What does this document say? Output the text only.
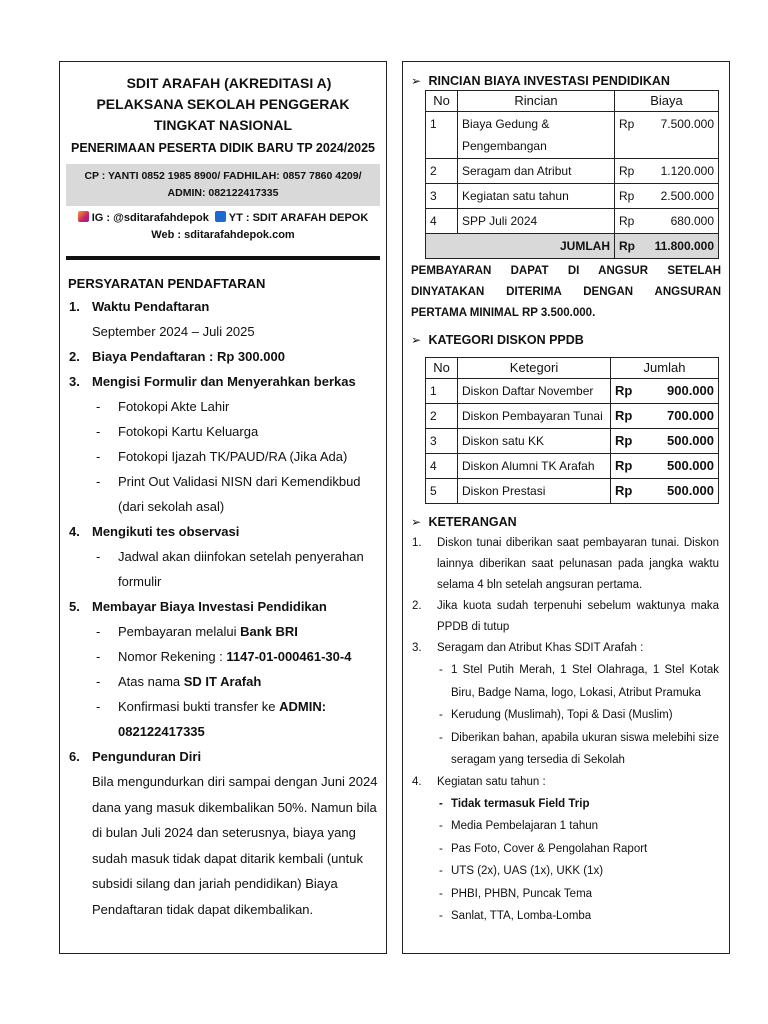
SDIT ARAFAH (AKREDITASI A)
PELAKSANA SEKOLAH PENGGERAK
TINGKAT NASIONAL
PENERIMAAN PESERTA DIDIK BARU TP 2024/2025
CP : YANTI 0852 1985 8900/ FADHILAH: 0857 7860 4209/
ADMIN: 082122417335
IG : @sditarafahdepok YT : SDIT ARAFAH DEPOK
Web : sditarafahdepok.com
PERSYARATAN PENDAFTARAN
1. Waktu Pendaftaran
September 2024 – Juli 2025
2. Biaya Pendaftaran : Rp 300.000
3. Mengisi Formulir dan Menyerahkan berkas
- Fotokopi Akte Lahir
- Fotokopi Kartu Keluarga
- Fotokopi Ijazah TK/PAUD/RA (Jika Ada)
- Print Out Validasi NISN dari Kemendikbud (dari sekolah asal)
4. Mengikuti tes observasi
- Jadwal akan diinfokan setelah penyerahan formulir
5. Membayar Biaya Investasi Pendidikan
- Pembayaran melalui Bank BRI
- Nomor Rekening : 1147-01-000461-30-4
- Atas nama SD IT Arafah
- Konfirmasi bukti transfer ke ADMIN: 082122417335
6. Pengunduran Diri
Bila mengundurkan diri sampai dengan Juni 2024 dana yang masuk dikembalikan 50%. Namun bila di bulan Juli 2024 dan seterusnya, biaya yang sudah masuk tidak dapat ditarik kembali (untuk subsidi silang dan jariah pendidikan) Biaya Pendaftaran tidak dapat dikembalikan.
➢ RINCIAN BIAYA INVESTASI PENDIDIKAN
No	Rincian	Biaya	
1	Biaya Gedung & Pengembangan	Rp	7.500.000
2	Seragam dan Atribut	Rp	1.120.000
3	Kegiatan satu tahun	Rp	2.500.000
4	SPP Juli 2024	Rp	680.000
JUMLAH		Rp	11.800.000
PEMBAYARAN DAPAT DI ANGSUR SETELAH DINYATAKAN DITERIMA DENGAN ANGSURAN PERTAMA MINIMAL RP 3.500.000.
➢ KATEGORI DISKON PPDB
No	Ketegori	Jumlah	
1	Diskon Daftar November	Rp	900.000
2	Diskon Pembayaran Tunai	Rp	700.000
3	Diskon satu KK	Rp	500.000
4	Diskon Alumni TK Arafah	Rp	500.000
5	Diskon Prestasi	Rp	500.000
➢ KETERANGAN
1. Diskon tunai diberikan saat pembayaran tunai. Diskon lainnya diberikan saat pelunasan pada jangka waktu selama 4 bln setelah angsuran pertama.
2. Jika kuota sudah terpenuhi sebelum waktunya maka PPDB di tutup
3. Seragam dan Atribut Khas SDIT Arafah :
- 1 Stel Putih Merah, 1 Stel Olahraga, 1 Stel Kotak Biru, Badge Nama, logo, Lokasi, Atribut Pramuka
- Kerudung (Muslimah), Topi & Dasi (Muslim)
- Diberikan bahan, apabila ukuran siswa melebihi size seragam yang tersedia di Sekolah
4. Kegiatan satu tahun :
- Tidak termasuk Field Trip
- Media Pembelajaran 1 tahun
- Pas Foto, Cover & Pengolahan Raport
- UTS (2x), UAS (1x), UKK (1x)
- PHBI, PHBN, Puncak Tema
- Sanlat, TTA, Lomba-Lomba
